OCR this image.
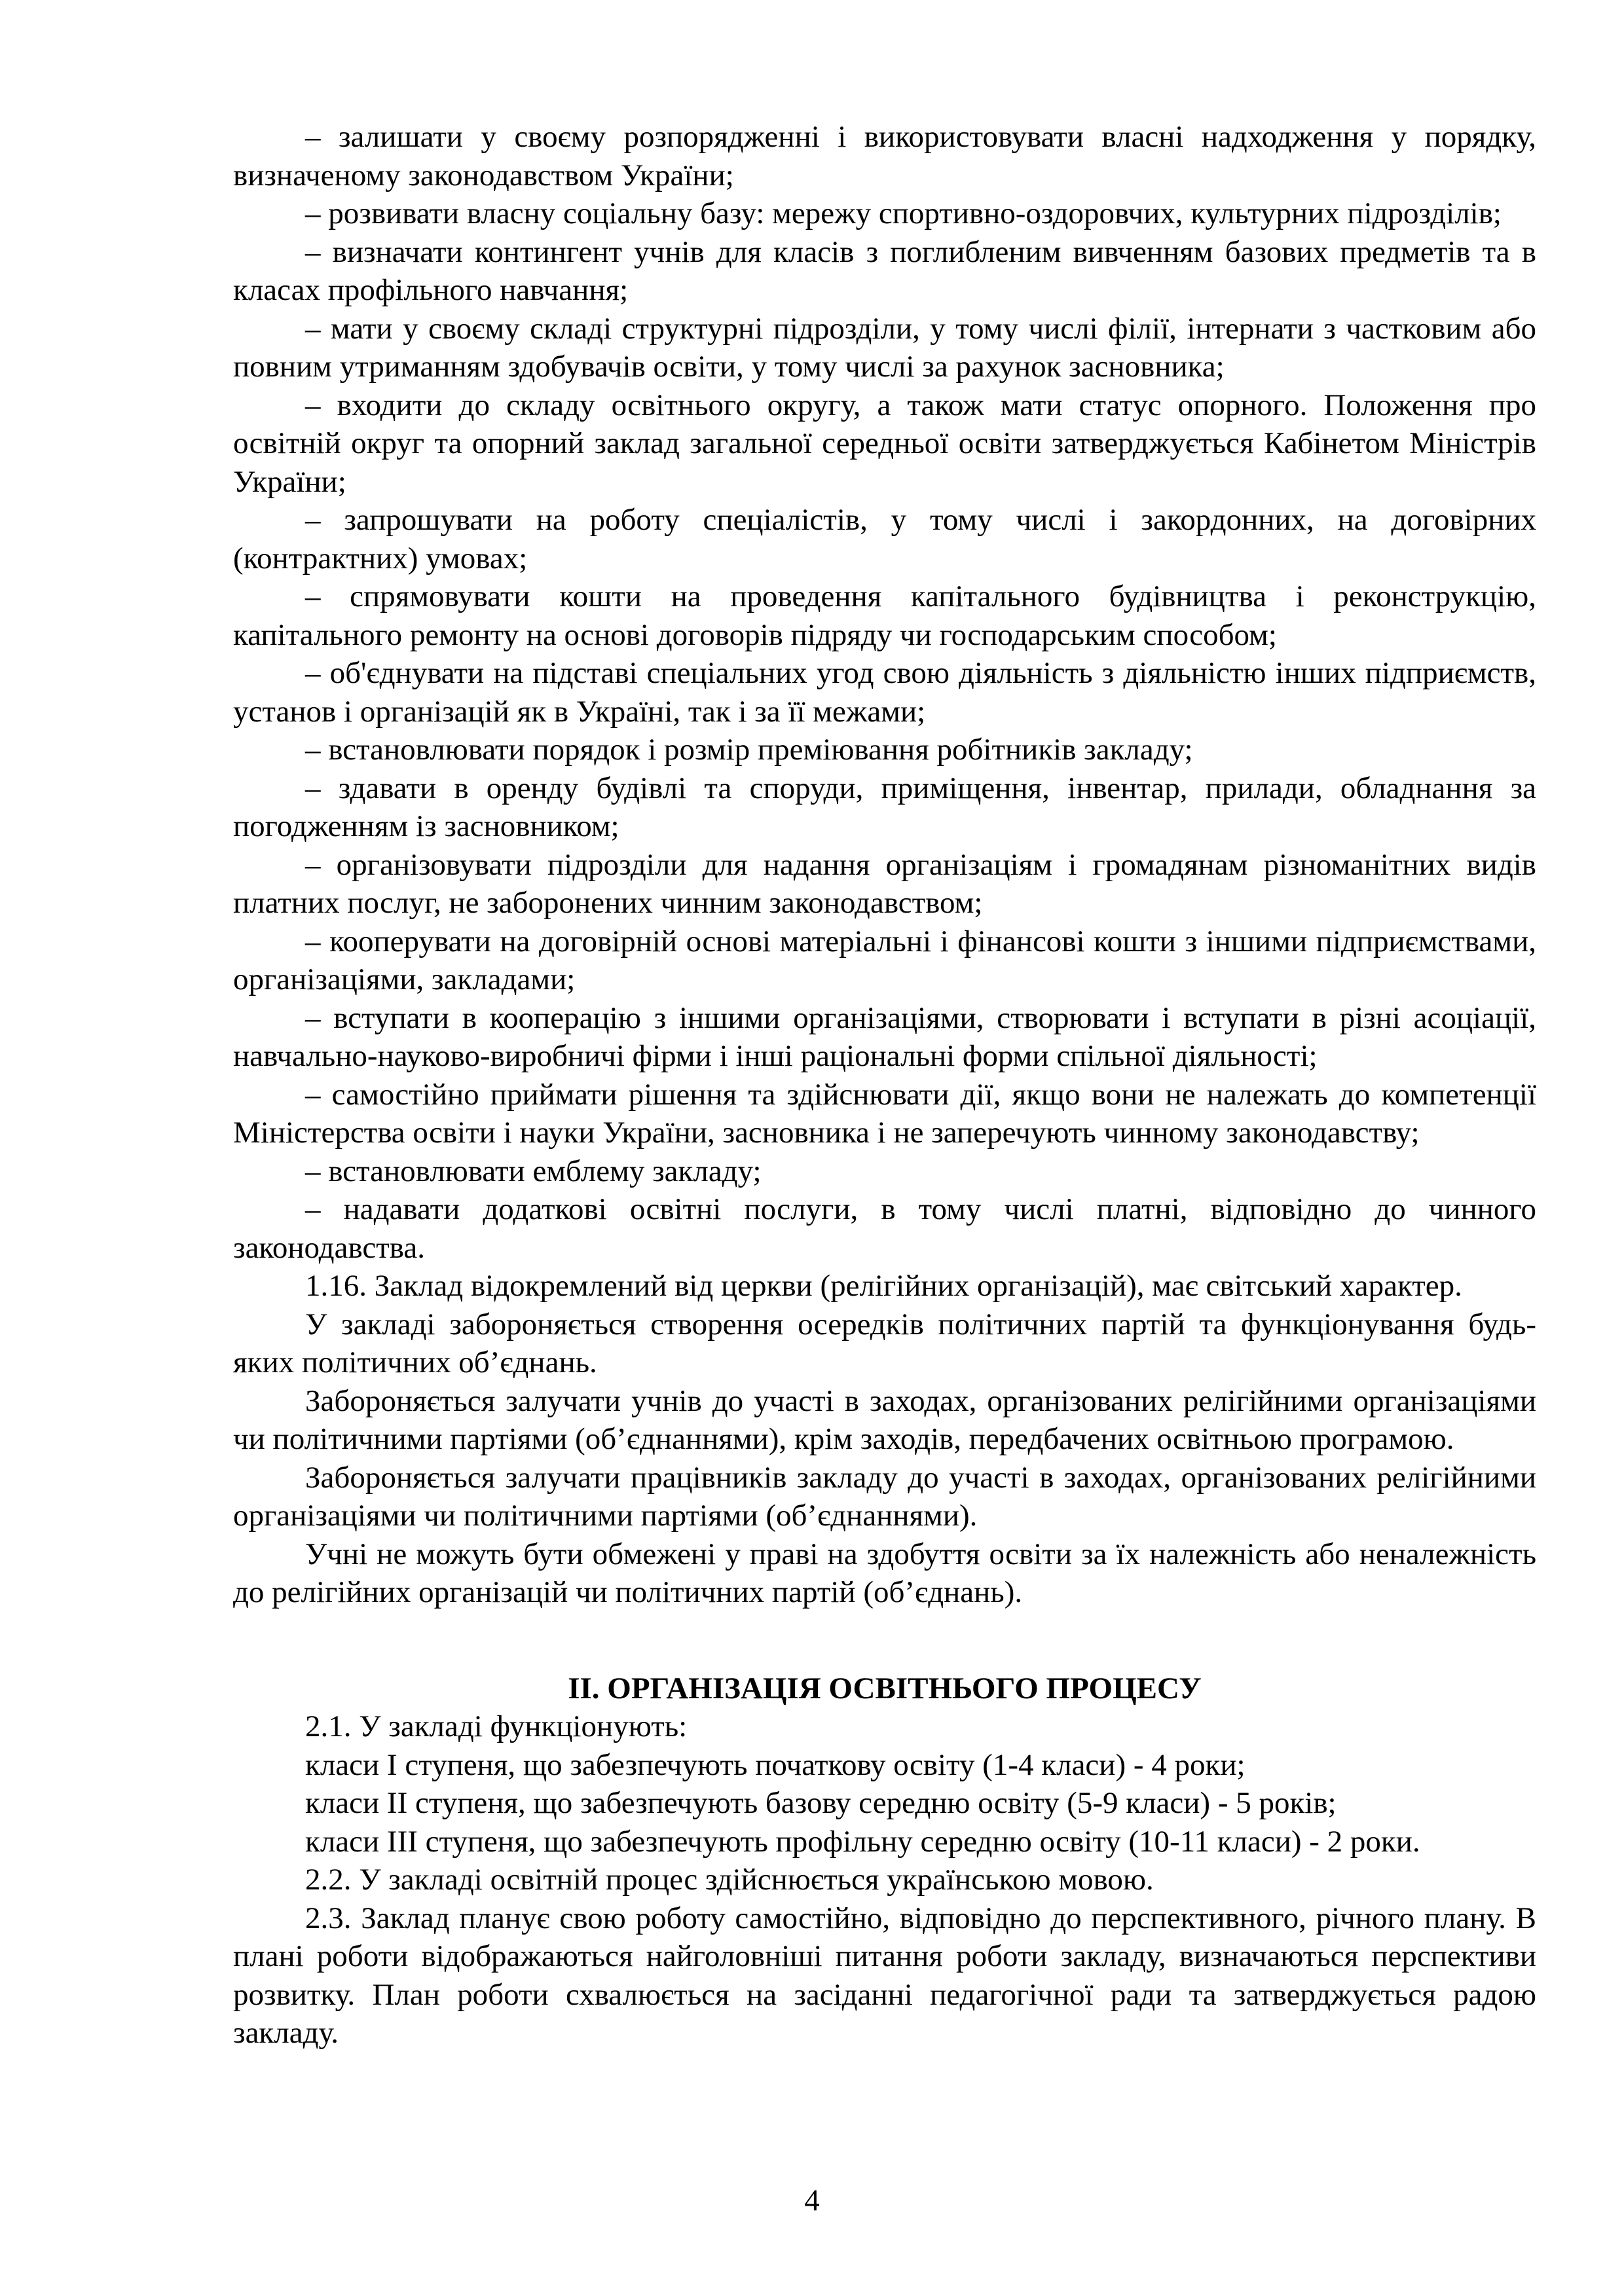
– залишати у своєму розпорядженні і використовувати власні надходження у порядку, визначеному законодавством України;

– розвивати власну соціальну базу: мережу спортивно-оздоровчих, культурних підрозділів;

– визначати контингент учнів для класів з поглибленим вивченням базових предметів та в класах профільного навчання;

– мати у своєму складі структурні підрозділи, у тому числі філії, інтернати з частковим або повним утриманням здобувачів освіти, у тому числі за рахунок засновника;

– входити до складу освітнього округу, а також мати статус опорного. Положення про освітній округ та опорний заклад загальної середньої освіти затверджується Кабінетом Міністрів України;

– запрошувати на роботу спеціалістів, у тому числі і закордонних, на договірних (контрактних) умовах;

– спрямовувати кошти на проведення капітального будівництва і реконструкцію, капітального ремонту на основі договорів підряду чи господарським способом;

– об'єднувати на підставі спеціальних угод свою діяльність з діяльністю інших підприємств, установ і організацій як в Україні, так і за її межами;

– встановлювати порядок і розмір преміювання робітників закладу;

– здавати в оренду будівлі та споруди, приміщення, інвентар, прилади, обладнання за погодженням із засновником;

– організовувати підрозділи для надання організаціям і громадянам різноманітних видів платних послуг, не заборонених чинним законодавством;

– кооперувати на договірній основі матеріальні і фінансові кошти з іншими підприємствами, організаціями, закладами;

– вступати в кооперацію з іншими організаціями, створювати і вступати в різні асоціації, навчально-науково-виробничі фірми і інші раціональні форми спільної діяльності;

– самостійно приймати рішення та здійснювати дії, якщо вони не належать до компетенції Міністерства освіти і науки України, засновника і не заперечують чинному законодавству;

– встановлювати емблему закладу;

– надавати додаткові освітні послуги, в тому числі платні, відповідно до чинного законодавства.

1.16. Заклад відокремлений від церкви (релігійних організацій), має світський характер.

У закладі забороняється створення осередків політичних партій та функціонування будь-яких політичних об’єднань.

Забороняється залучати учнів до участі в заходах, організованих релігійними організаціями чи політичними партіями (об’єднаннями), крім заходів, передбачених освітньою програмою.

Забороняється залучати працівників закладу до участі в заходах, організованих релігійними організаціями чи політичними партіями (об’єднаннями).

Учні не можуть бути обмежені у праві на здобуття освіти за їх належність або неналежність до релігійних організацій чи політичних партій (об’єднань).

ІІ. ОРГАНІЗАЦІЯ ОСВІТНЬОГО ПРОЦЕСУ

2.1. У закладі функціонують:

класи І ступеня, що забезпечують початкову освіту (1-4 класи) - 4 роки;

класи ІІ ступеня, що забезпечують базову середню освіту (5-9 класи) - 5 років;

класи ІІІ ступеня, що забезпечують профільну середню освіту (10-11 класи) - 2 роки.

2.2. У закладі освітній процес здійснюється українською мовою.

2.3. Заклад планує свою роботу самостійно, відповідно до перспективного, річного плану. В плані роботи відображаються найголовніші питання роботи закладу, визначаються перспективи розвитку. План роботи схвалюється на засіданні педагогічної ради та затверджується радою закладу.

4
